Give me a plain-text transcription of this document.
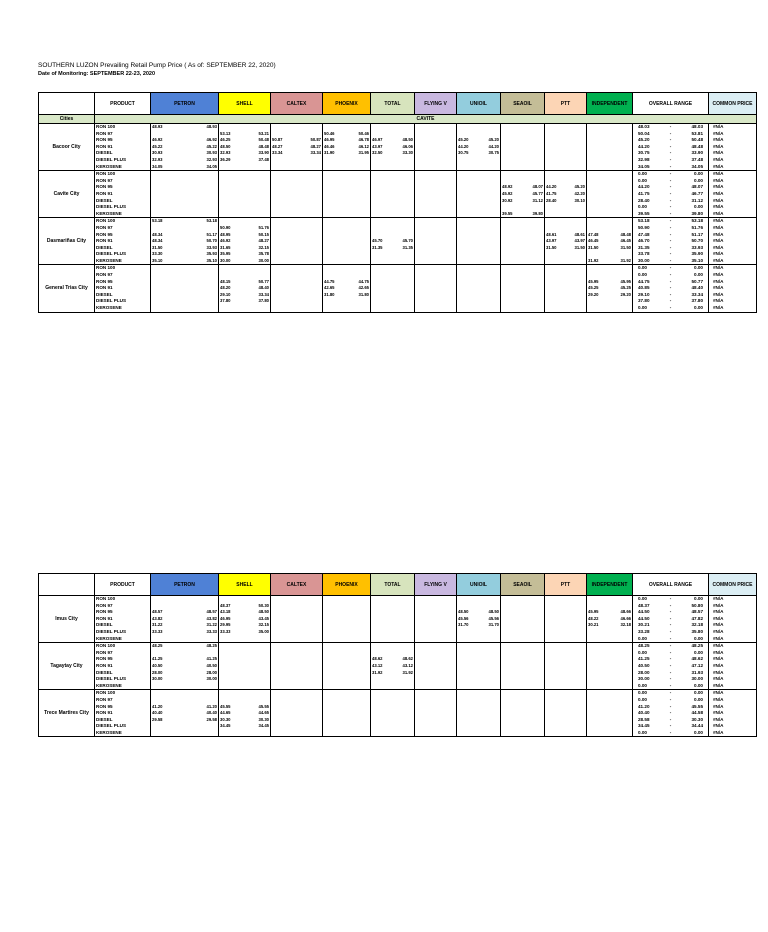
SOUTHERN LUZON Prevailing Retail Pump Price ( As of: SEPTEMBER 22, 2020)
Date of Monitoring: SEPTEMBER 22-23, 2020
	PRODUCT	PETRON	SHELL	CALTEX	PHOENIX	TOTAL	FLYING V	UNIOIL	SEAOIL	PTT	INDEPENDENT	OVERALL RANGE	COMMON PRICE
Cities	CAVITE												
Bacoor City	RON 100	48.93 48.93										48.03 - 48.03	#N/A
	RON 97		53.13 53.21		50.46 50.46							50.04 - 53.81	#N/A
	RON 95	46.92 46.92	46.25 50.48	50.87 50.87	46.95 46.78	46.97 48.50		45.20 45.20				45.20 - 50.48	#N/A
	RON 91	45.22 45.22	48.50 48.48	48.27 48.27	46.46 46.12	43.97 46.06		44.20 44.20				44.20 - 48.48	#N/A
	DIESEL	30.93 30.93	32.93 33.90	33.34 33.34	31.90 31.95	32.50 33.30		30.75 30.75				30.75 - 33.90	#N/A
	DIESEL PLUS	32.93 32.93	36.29 37.48									32.98 - 37.48	#N/A
	KEROSENE	34.05 34.05										34.05 - 34.05	#N/A
Cavite City	RON 100											0.00 - 0.00	#N/A
	RON 97											0.00 - 0.00	#N/A
	RON 95								48.92 48.07	44.20 45.20		44.20 - 48.07	#N/A
	RON 91								45.92 45.77	41.75 42.20		41.75 - 46.77	#N/A
	DIESEL								30.92 31.12	28.40 30.10		28.40 - 31.12	#N/A
	DIESEL PLUS											0.00 - 0.00	#N/A
	KEROSENE								39.55 39.80			39.55 - 39.80	#N/A
Dasmariñas City	RON 100	53.18 53.18										53.18 - 53.18	#N/A
	RON 97		50.90 51.76									50.90 - 51.76	#N/A
	RON 95	48.34 51.17	48.95 50.15							48.61 48.61	47.48 48.48	47.48 - 51.17	#N/A
	RON 91	48.34 50.70	46.92 48.27			45.70 45.70				43.97 43.97	46.45 46.45	46.70 - 50.70	#N/A
	DIESEL	31.50 33.93	31.65 32.15			31.35 31.35				31.50 31.50	31.50 31.50	31.35 - 33.93	#N/A
	DIESEL PLUS	33.30 35.93	35.95 35.78									33.78 - 35.90	#N/A
	KEROSENE	35.10 35.10	30.00 30.00								31.92 31.92	30.00 - 35.10	#N/A
General Trias City	RON 100											0.00 - 0.00	#N/A
	RON 97											0.00 - 0.00	#N/A
	RON 95		48.15 50.77		44.75 44.75						45.95 45.95	44.75 - 50.77	#N/A
	RON 91		48.20 48.40		42.65 42.65						45.25 45.25	40.85 - 48.40	#N/A
	DIESEL		29.10 33.34		31.80 31.80						29.20 29.20	29.10 - 33.34	#N/A
	DIESEL PLUS		37.80 37.80									37.80 - 37.80	#N/A
	KEROSENE											0.00 - 0.00	#N/A
	PRODUCT	PETRON	SHELL	CALTEX	PHOENIX	TOTAL	FLYING V	UNIOIL	SEAOIL	PTT	INDEPENDENT	OVERALL RANGE	COMMON PRICE
Imus City	RON 100											0.00 - 0.00	#N/A
	RON 97		48.37 50.30									48.37 - 50.80	#N/A
	RON 95	48.57 48.57	43.18 48.50					48.50 48.50			45.95 48.66	44.50 - 48.57	#N/A
	RON 91	43.82 43.82	46.95 43.45					45.56 45.56			48.22 46.66	44.50 - 47.82	#N/A
	DIESEL	31.22 31.22	29.95 32.15					31.70 31.70			30.21 32.18	30.21 - 32.18	#N/A
	DIESEL PLUS	33.33 33.33	33.33 35.00									33.28 - 35.80	#N/A
	KEROSENE											0.00 - 0.00	#N/A
Tagaytay City	RON 100	48.25 48.25										48.25 - 48.25	#N/A
	RON 97											0.00 - 0.00	#N/A
	RON 95	41.25 41.25				48.62 48.62						41.25 - 48.62	#N/A
	RON 91	40.50 40.50				43.12 43.12						40.50 - 47.12	#N/A
	DIESEL	28.00 28.00				31.92 31.92						28.00 - 31.93	#N/A
	DIESEL PLUS	30.00 30.00										30.00 - 30.00	#N/A
	KEROSENE											0.00 - 0.00	#N/A
Trece Martires City	RON 100											0.00 - 0.00	#N/A
	RON 97											0.00 - 0.00	#N/A
	RON 95	41.20 41.20	45.55 45.55									41.20 - 45.55	#N/A
	RON 91	40.40 40.40	44.65 44.65									40.40 - 44.58	#N/A
	DIESEL	29.58 29.58	30.30 30.30									28.58 - 30.30	#N/A
	DIESEL PLUS		34.45 34.45									34.45 - 34.44	#N/A
	KEROSENE											0.00 - 0.00	#N/A
